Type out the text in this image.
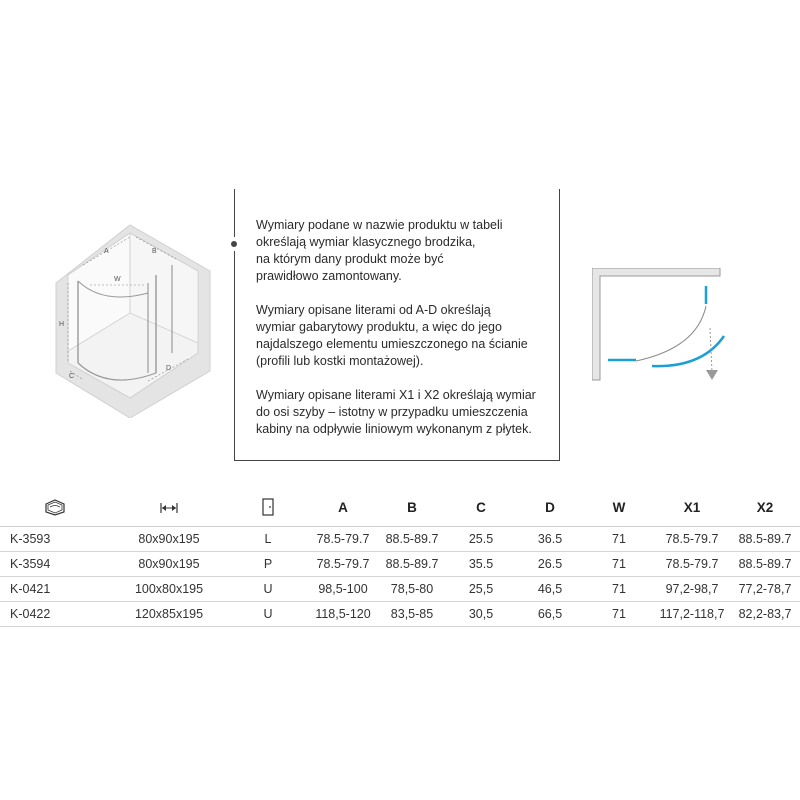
A	B
W
H
C
D

Wymiary podane w nazwie produktu w tabeli
określają wymiar klasycznego brodzika,
na którym dany produkt może być
prawidłowo zamontowany.

Wymiary opisane literami od A-D określają
wymiar gabarytowy produktu, a więc do jego
najdalszego elementu umieszczonego na ścianie
(profili lub kostki montażowej).

Wymiary opisane literami X1 i X2 określają wymiar
do osi szyby – istotny w przypadku umieszczenia
kabiny na odpływie liniowym wykonanym z płytek.

			A	B	C	D	W	X1	X2
K-3593	80x90x195	L	78.5-79.7	88.5-89.7	25.5	36.5	71	78.5-79.7	88.5-89.7
K-3594	80x90x195	P	78.5-79.7	88.5-89.7	35.5	26.5	71	78.5-79.7	88.5-89.7
K-0421	100x80x195	U	98,5-100	78,5-80	25,5	46,5	71	97,2-98,7	77,2-78,7
K-0422	120x85x195	U	118,5-120	83,5-85	30,5	66,5	71	117,2-118,7	82,2-83,7
